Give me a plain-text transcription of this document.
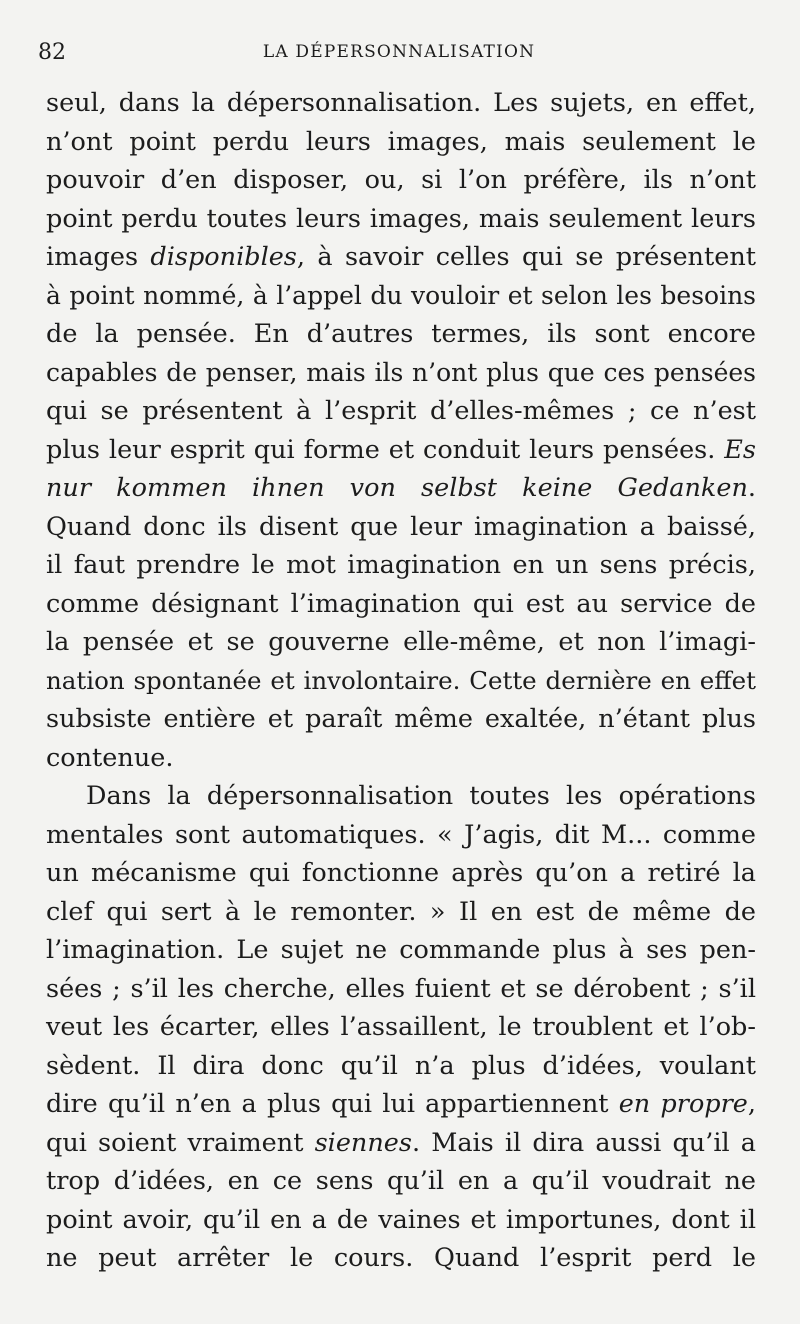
82	LA DÉPERSONNALISATION
seul, dans la dépersonnalisation. Les sujets, en effet,
n’ont point perdu leurs images, mais seulement le
pouvoir d’en disposer, ou, si l’on préfère, ils n’ont
point perdu toutes leurs images, mais seulement leurs
images disponibles, à savoir celles qui se présentent
à point nommé, à l’appel du vouloir et selon les besoins
de la pensée. En d’autres termes, ils sont encore
capables de penser, mais ils n’ont plus que ces pensées
qui se présentent à l’esprit d’elles-mêmes ; ce n’est
plus leur esprit qui forme et conduit leurs pensées. Es
nur kommen ihnen von selbst keine Gedanken.
Quand donc ils disent que leur imagination a baissé,
il faut prendre le mot imagination en un sens précis,
comme désignant l’imagination qui est au service de
la pensée et se gouverne elle-même, et non l’imagi-
nation spontanée et involontaire. Cette dernière en effet
subsiste entière et paraît même exaltée, n’étant plus
contenue.
Dans la dépersonnalisation toutes les opérations
mentales sont automatiques. « J’agis, dit M... comme
un mécanisme qui fonctionne après qu’on a retiré la
clef qui sert à le remonter. » Il en est de même de
l’imagination. Le sujet ne commande plus à ses pen-
sées ; s’il les cherche, elles fuient et se dérobent ; s’il
veut les écarter, elles l’assaillent, le troublent et l’ob-
sèdent. Il dira donc qu’il n’a plus d’idées, voulant
dire qu’il n’en a plus qui lui appartiennent en propre,
qui soient vraiment siennes. Mais il dira aussi qu’il a
trop d’idées, en ce sens qu’il en a qu’il voudrait ne
point avoir, qu’il en a de vaines et importunes, dont il
ne peut arrêter le cours. Quand l’esprit perd le
